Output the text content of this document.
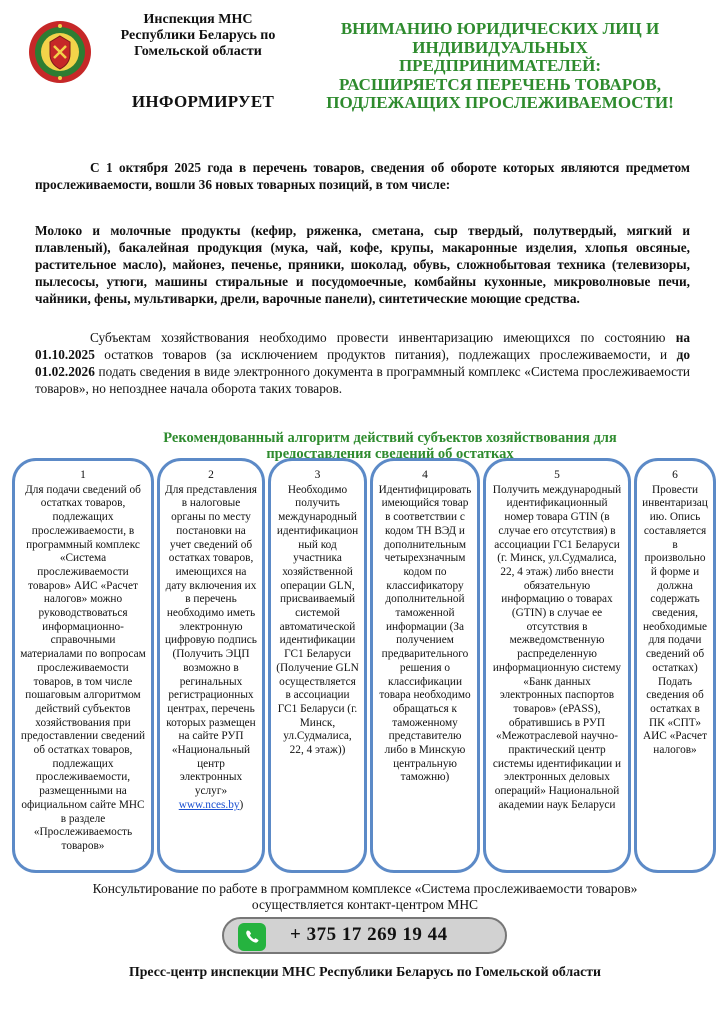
Инспекция МНС
Республики Беларусь по
Гомельской области
ИНФОРМИРУЕТ
ВНИМАНИЮ ЮРИДИЧЕСКИХ ЛИЦ И
ИНДИВИДУАЛЬНЫХ
ПРЕДПРИНИМАТЕЛЕЙ:
РАСШИРЯЕТСЯ ПЕРЕЧЕНЬ ТОВАРОВ,
ПОДЛЕЖАЩИХ ПРОСЛЕЖИВАЕМОСТИ!

С 1 октября 2025 года в перечень товаров, сведения об обороте которых являются предметом прослеживаемости, вошли 36 новых товарных позиций, в том числе:

Молоко и молочные продукты (кефир, ряженка, сметана, сыр твердый, полутвердый, мягкий и плавленый), бакалейная продукция (мука, чай, кофе, крупы, макаронные изделия, хлопья овсяные, растительное масло), майонез, печенье, пряники, шоколад, обувь, сложнобытовая техника (телевизоры, пылесосы, утюги, машины стиральные и посудомоечные, комбайны кухонные, микроволновые печи, чайники, фены, мультиварки, дрели, варочные панели), синтетические моющие средства.

Субъектам хозяйствования необходимо провести инвентаризацию имеющихся по состоянию на 01.10.2025 остатков товаров (за исключением продуктов питания), подлежащих прослеживаемости, и до 01.02.2026 подать сведения в виде электронного документа в программный комплекс «Система прослеживаемости товаров», но непозднее начала оборота таких товаров.

Рекомендованный алгоритм действий субъектов хозяйствования для
предоставления сведений об остатках
1
Для подачи сведений об остатках товаров, подлежащих прослеживаемости, в программный комплекс «Система прослеживаемости товаров» АИС «Расчет налогов» можно руководствоваться информационно-справочными материалами по вопросам прослеживаемости товаров, в том числе пошаговым алгоритмом действий субъектов хозяйствования при предоставлении сведений об остатках товаров, подлежащих прослеживаемости, размещенными на официальном сайте МНС в разделе «Прослеживаемость товаров»
2
Для представления в налоговые органы по месту постановки на учет сведений об остатках товаров, имеющихся на дату включения их в перечень необходимо иметь электронную цифровую подпись (Получить ЭЦП возможно в регинальных регистрационных центрах, перечень которых размещен на сайте РУП «Национальный центр электронных услуг» www.nces.by)
3
Необходимо получить международный идентификационный код участника хозяйственной операции GLN, присваиваемый системой автоматической идентификации ГС1 Беларуси (Получение GLN осуществляется в ассоциации ГС1 Беларуси (г. Минск, ул.Судмалиса, 22, 4 этаж))
4
Идентифицировать имеющийся товар в соответствии с кодом ТН ВЭД и дополнительным четырехзначным кодом по классификатору дополнительной таможенной информации (За получением предварительного решения о классификации товара необходимо обращаться к таможенному представителю либо в Минскую центральную таможню)
5
Получить международный идентификационный номер товара GTIN (в случае его отсутствия) в ассоциации ГС1 Беларуси (г. Минск, ул.Судмалиса, 22, 4 этаж) либо внести обязательную информацию о товарах (GTIN) в случае ее отсутствия в межведомственную распределенную информационную систему «Банк данных электронных паспортов товаров» (ePASS), обратившись в РУП «Межотраслевой научно-практический центр системы идентификации и электронных деловых операций» Национальной академии наук Беларуси
6
Провести инвентаризацию. Опись составляется в произвольной форме и должна содержать сведения, необходимые для подачи сведений об остатках) Подать сведения об остатках в ПК «СПТ» АИС «Расчет налогов»
Консультирование по работе в программном комплексе «Система прослеживаемости товаров»
осуществляется контакт-центром МНС
+ 375 17 269 19 44
Пресс-центр инспекции МНС Республики Беларусь по Гомельской области
